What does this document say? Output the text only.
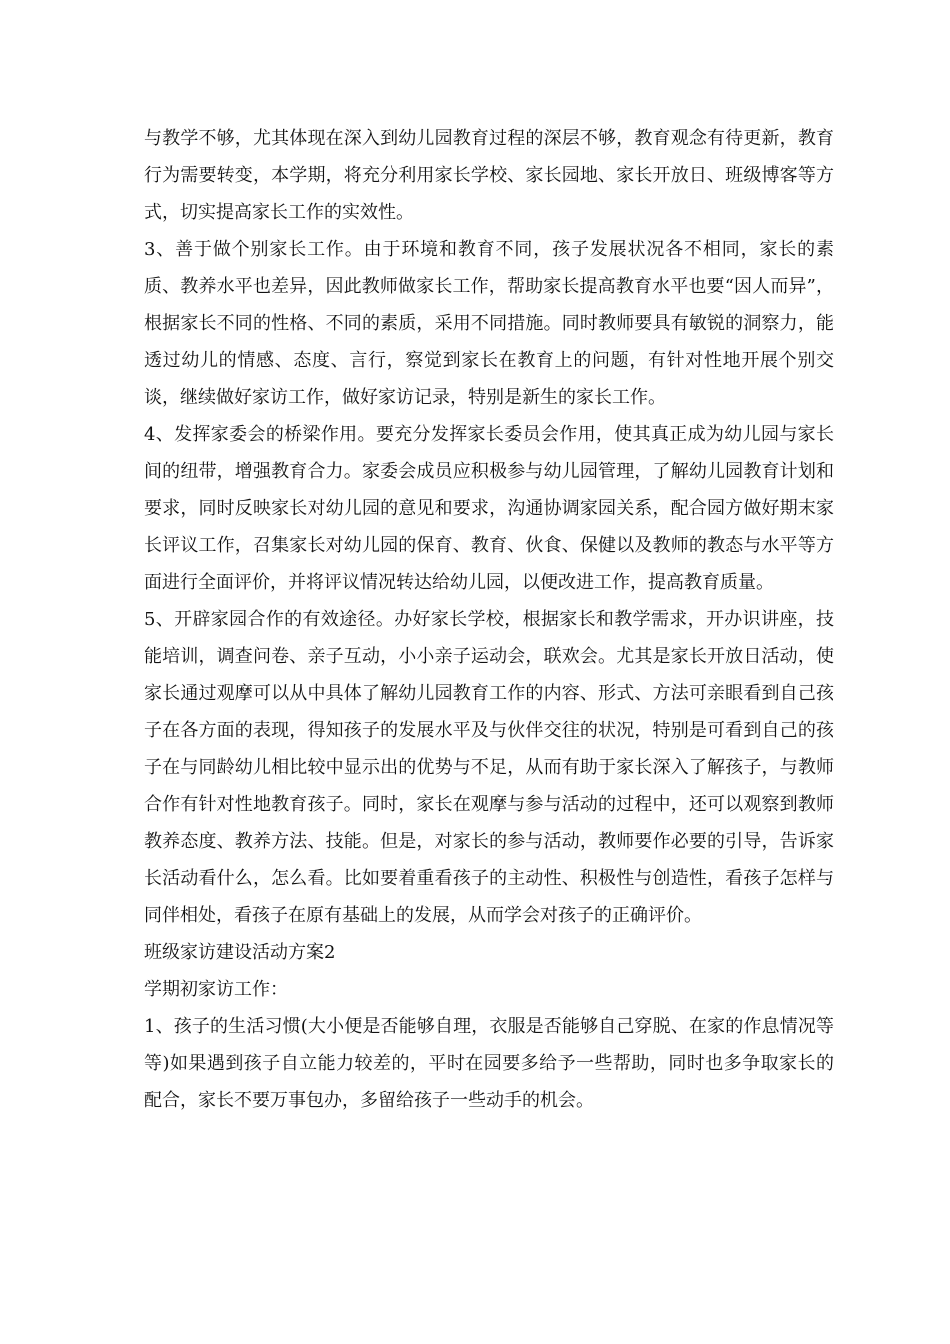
与教学不够，尤其体现在深入到幼儿园教育过程的深层不够，教育观念有待更新，教育行为需要转变，本学期，将充分利用家长学校、家长园地、家长开放日、班级博客等方式，切实提高家长工作的实效性。

3、善于做个别家长工作。由于环境和教育不同，孩子发展状况各不相同，家长的素质、教养水平也差异，因此教师做家长工作，帮助家长提高教育水平也要“因人而异”，根据家长不同的性格、不同的素质，采用不同措施。同时教师要具有敏锐的洞察力，能透过幼儿的情感、态度、言行，察觉到家长在教育上的问题，有针对性地开展个别交谈，继续做好家访工作，做好家访记录，特别是新生的家长工作。

4、发挥家委会的桥梁作用。要充分发挥家长委员会作用，使其真正成为幼儿园与家长间的纽带，增强教育合力。家委会成员应积极参与幼儿园管理，了解幼儿园教育计划和要求，同时反映家长对幼儿园的意见和要求，沟通协调家园关系，配合园方做好期末家长评议工作，召集家长对幼儿园的保育、教育、伙食、保健以及教师的教态与水平等方面进行全面评价，并将评议情况转达给幼儿园，以便改进工作，提高教育质量。

5、开辟家园合作的有效途径。办好家长学校，根据家长和教学需求，开办识讲座，技能培训，调查问卷、亲子互动，小小亲子运动会，联欢会。尤其是家长开放日活动，使家长通过观摩可以从中具体了解幼儿园教育工作的内容、形式、方法可亲眼看到自己孩子在各方面的表现，得知孩子的发展水平及与伙伴交往的状况，特别是可看到自己的孩子在与同龄幼儿相比较中显示出的优势与不足，从而有助于家长深入了解孩子，与教师合作有针对性地教育孩子。同时，家长在观摩与参与活动的过程中，还可以观察到教师教养态度、教养方法、技能。但是，对家长的参与活动，教师要作必要的引导，告诉家长活动看什么，怎么看。比如要着重看孩子的主动性、积极性与创造性，看孩子怎样与同伴相处，看孩子在原有基础上的发展，从而学会对孩子的正确评价。

班级家访建设活动方案2

学期初家访工作：

1、孩子的生活习惯(大小便是否能够自理，衣服是否能够自己穿脱、在家的作息情况等等)如果遇到孩子自立能力较差的，平时在园要多给予一些帮助，同时也多争取家长的配合，家长不要万事包办，多留给孩子一些动手的机会。
